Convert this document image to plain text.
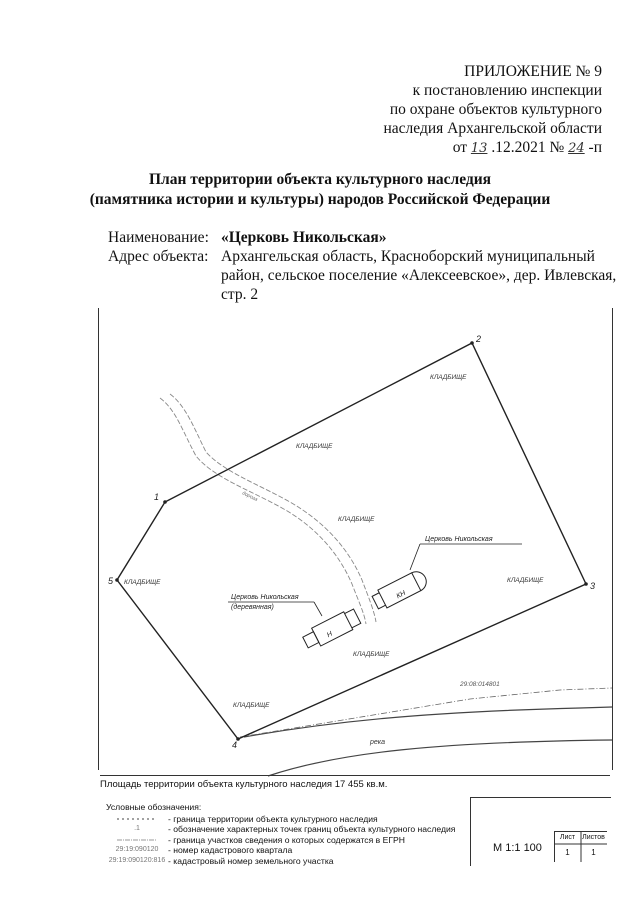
ПРИЛОЖЕНИЕ № 9
к постановлению инспекции
по охране объектов культурного
наследия Архангельской области
от 13 .12.2021 № 24 -п
План территории объекта культурного наследия
(памятника истории и культуры) народов Российской Федерации
Наименование: «Церковь Никольская»
Адрес объекта: Архангельская область, Красноборский муниципальный район, сельское поселение «Алексеевское», дер. Ивлевская, стр. 2
дорога
1
2
3
4
5
КЛАДБИЩЕ
КЛАДБИЩЕ
КЛАДБИЩЕ
КЛАДБИЩЕ	КЛАДБИЩЕ
КЛАДБИЩЕ
КЛАДБИЩЕ
КН
Церковь Никольская
Н
Церковь Никольская
(деревянная)
29:08:014801
река
Площадь территории объекта культурного наследия 17 455 кв.м.
Условные обозначения:
- граница территории объекта культурного наследия
.1	- обозначение характерных точек границ объекта культурного наследия
- граница участков сведения о которых содержатся в ЕГРН
29:19:090120	- номер кадастрового квартала
29:19:090120:816 - кадастровый номер земельного участка
М 1:1 100
Лист	Листов
1	1
